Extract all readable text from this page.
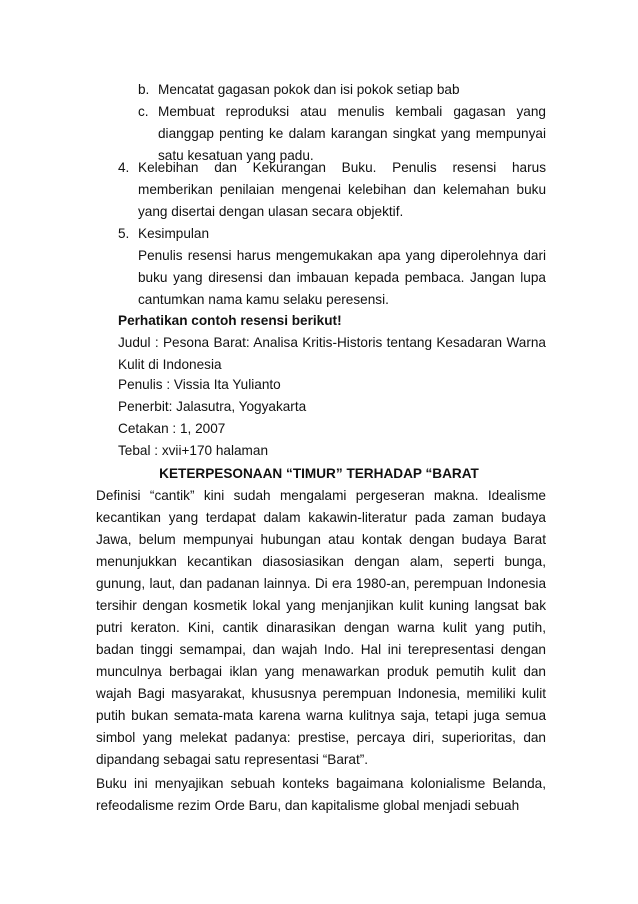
b. Mencatat gagasan pokok dan isi pokok setiap bab
c. Membuat reproduksi atau menulis kembali gagasan yang dianggap penting ke dalam karangan singkat yang mempunyai satu kesatuan yang padu.
4. Kelebihan dan Kekurangan Buku. Penulis resensi harus memberikan penilaian mengenai kelebihan dan kelemahan buku yang disertai dengan ulasan secara objektif.
5. Kesimpulan
Penulis resensi harus mengemukakan apa yang diperolehnya dari buku yang diresensi dan imbauan kepada pembaca. Jangan lupa cantumkan nama kamu selaku peresensi.
Perhatikan contoh resensi berikut!
Judul : Pesona Barat: Analisa Kritis-Historis tentang Kesadaran Warna Kulit di Indonesia
Penulis : Vissia Ita Yulianto
Penerbit: Jalasutra, Yogyakarta
Cetakan : 1, 2007
Tebal : xvii+170 halaman
KETERPESONAAN “TIMUR” TERHADAP “BARAT
Definisi “cantik” kini sudah mengalami pergeseran makna. Idealisme kecantikan yang terdapat dalam kakawin-literatur pada zaman budaya Jawa, belum mempunyai hubungan atau kontak dengan budaya Barat menunjukkan kecantikan diasosiasikan dengan alam, seperti bunga, gunung, laut, dan padanan lainnya. Di era 1980-an, perempuan Indonesia tersihir dengan kosmetik lokal yang menjanjikan kulit kuning langsat bak putri keraton. Kini, cantik dinarasikan dengan warna kulit yang putih, badan tinggi semampai, dan wajah Indo. Hal ini terepresentasi dengan munculnya berbagai iklan yang menawarkan produk pemutih kulit dan wajah Bagi masyarakat, khususnya perempuan Indonesia, memiliki kulit putih bukan semata-mata karena warna kulitnya saja, tetapi juga semua simbol yang melekat padanya: prestise, percaya diri, superioritas, dan dipandang sebagai satu representasi “Barat”.
Buku ini menyajikan sebuah konteks bagaimana kolonialisme Belanda, refeodalisme rezim Orde Baru, dan kapitalisme global menjadi sebuah
